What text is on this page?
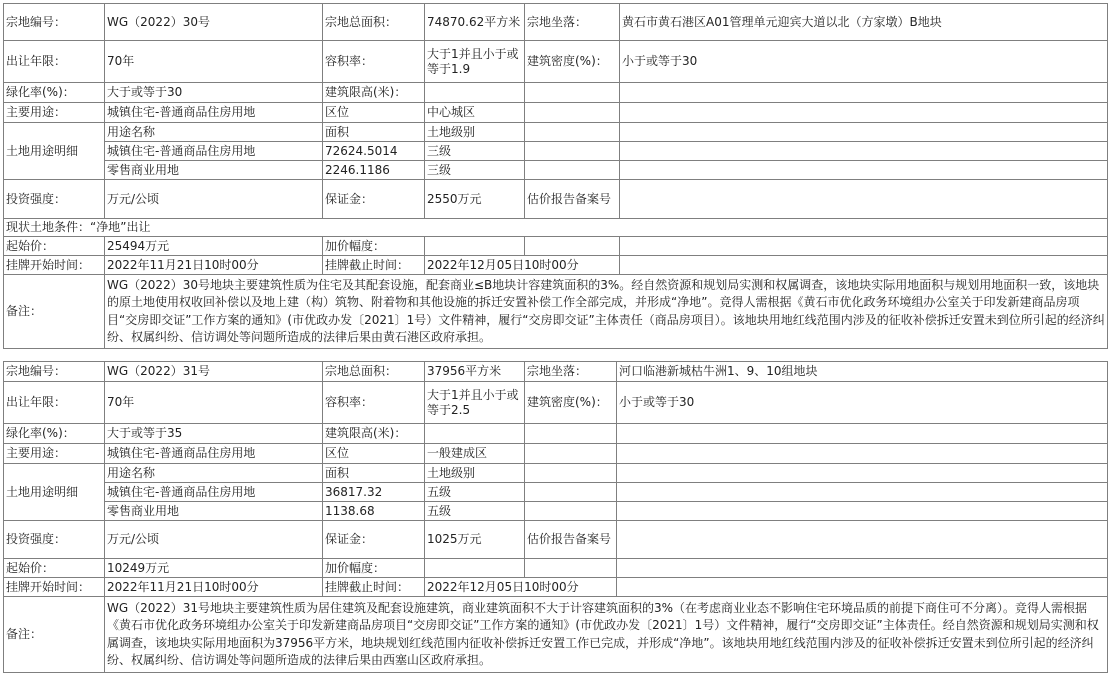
宗地编号：	WG（2022）30号	宗地总面积：	74870.62平方米	宗地坐落：	黄石市黄石港区A01管理单元迎宾大道以北（方家墩）B地块
出让年限：	70年	容积率：	大于1并且小于或等于1.9	建筑密度(%)：	小于或等于30
绿化率(%)：	大于或等于30	建筑限高(米)：			
主要用途：	城镇住宅-普通商品住房用地	区位	中心城区		
土地用途明细	用途名称	面积	土地级别		
	城镇住宅-普通商品住房用地	72624.5014	三级		
	零售商业用地	2246.1186	三级		
投资强度：	万元/公顷	保证金：	2550万元	估价报告备案号	
现状土地条件：“净地”出让					
起始价：	25494万元	加价幅度：			
挂牌开始时间：	2022年11月21日10时00分	挂牌截止时间：	2022年12月05日10时00分		
备注：	WG（2022）30号地块主要建筑性质为住宅及其配套设施，配套商业≤B地块计容建筑面积的3%。经自然资源和规划局实测和权属调查，该地块实际用地面积与规划用地面积一致，该地块的原土地使用权收回补偿以及地上建（构）筑物、附着物和其他设施的拆迁安置补偿工作全部完成，并形成“净地”。竞得人需根据《黄石市优化政务环境组办公室关于印发新建商品房项目“交房即交证”工作方案的通知》(市优政办发〔2021〕1号）文件精神，履行“交房即交证”主体责任（商品房项目）。该地块用地红线范围内涉及的征收补偿拆迁安置未到位所引起的经济纠纷、权属纠纷、信访调处等问题所造成的法律后果由黄石港区政府承担。				
宗地编号：	WG（2022）31号	宗地总面积：	37956平方米	宗地坐落：	河口临港新城枯牛洲1、9、10组地块
出让年限：	70年	容积率：	大于1并且小于或等于2.5	建筑密度(%)：	小于或等于30
绿化率(%)：	大于或等于35	建筑限高(米)：			
主要用途：	城镇住宅-普通商品住房用地	区位	一般建成区		
土地用途明细	用途名称	面积	土地级别		
	城镇住宅-普通商品住房用地	36817.32	五级		
	零售商业用地	1138.68	五级		
投资强度：	万元/公顷	保证金：	1025万元	估价报告备案号	
起始价：	10249万元	加价幅度：			
挂牌开始时间：	2022年11月21日10时00分	挂牌截止时间：	2022年12月05日10时00分		
备注：	WG（2022）31号地块主要建筑性质为居住建筑及配套设施建筑，商业建筑面积不大于计容建筑面积的3%（在考虑商业业态不影响住宅环境品质的前提下商住可不分离）。竞得人需根据《黄石市优化政务环境组办公室关于印发新建商品房项目“交房即交证”工作方案的通知》(市优政办发〔2021〕1号）文件精神，履行“交房即交证”主体责任。经自然资源和规划局实测和权属调查，该地块实际用地面积为37956平方米，地块规划红线范围内征收补偿拆迁安置工作已完成，并形成“净地”。该地块用地红线范围内涉及的征收补偿拆迁安置未到位所引起的经济纠纷、权属纠纷、信访调处等问题所造成的法律后果由西塞山区政府承担。				
